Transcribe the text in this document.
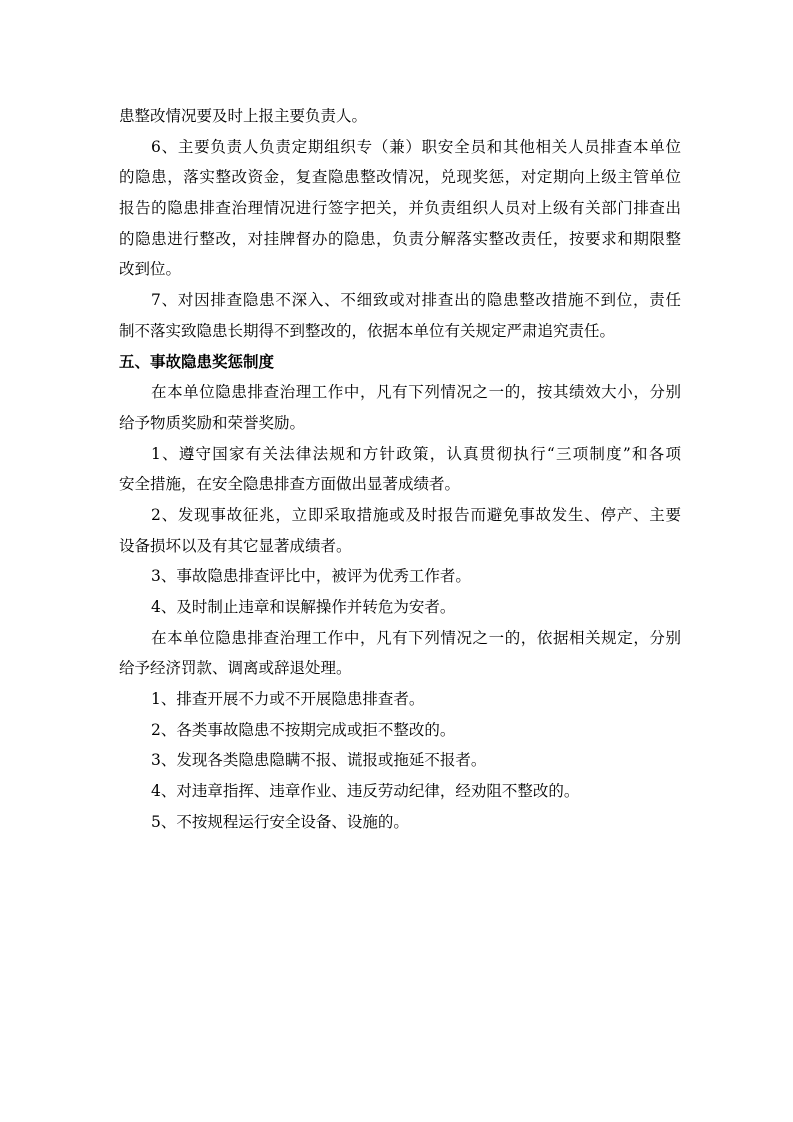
患整改情况要及时上报主要负责人。
6、主要负责人负责定期组织专（兼）职安全员和其他相关人员排查本单位
的隐患，落实整改资金，复查隐患整改情况，兑现奖惩，对定期向上级主管单位
报告的隐患排查治理情况进行签字把关，并负责组织人员对上级有关部门排查出
的隐患进行整改，对挂牌督办的隐患，负责分解落实整改责任，按要求和期限整
改到位。
7、对因排查隐患不深入、不细致或对排查出的隐患整改措施不到位，责任
制不落实致隐患长期得不到整改的，依据本单位有关规定严肃追究责任。
五、事故隐患奖惩制度
在本单位隐患排查治理工作中，凡有下列情况之一的，按其绩效大小，分别
给予物质奖励和荣誉奖励。
1、遵守国家有关法律法规和方针政策，认真贯彻执行“三项制度”和各项
安全措施，在安全隐患排查方面做出显著成绩者。
2、发现事故征兆，立即采取措施或及时报告而避免事故发生、停产、主要
设备损坏以及有其它显著成绩者。
3、事故隐患排查评比中，被评为优秀工作者。
4、及时制止违章和误解操作并转危为安者。
在本单位隐患排查治理工作中，凡有下列情况之一的，依据相关规定，分别
给予经济罚款、调离或辞退处理。
1、排查开展不力或不开展隐患排查者。
2、各类事故隐患不按期完成或拒不整改的。
3、发现各类隐患隐瞒不报、谎报或拖延不报者。
4、对违章指挥、违章作业、违反劳动纪律，经劝阻不整改的。
5、不按规程运行安全设备、设施的。
